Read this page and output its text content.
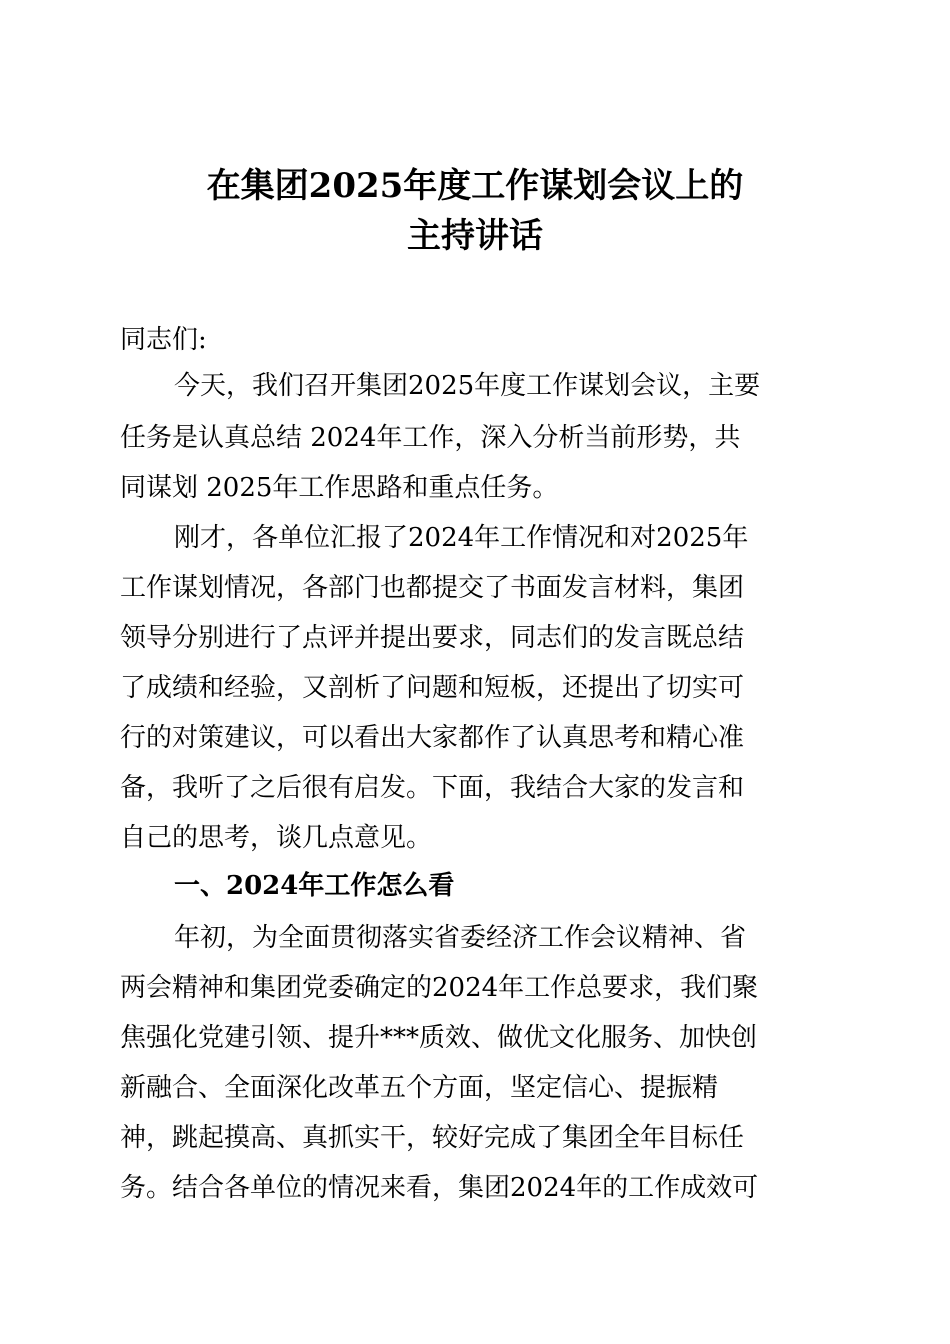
在集团2025年度工作谋划会议上的
主持讲话

同志们:

今天，我们召开集团2025年度工作谋划会议，主要

任务是认真总结 2024年工作，深入分析当前形势，共

同谋划 2025年工作思路和重点任务。

刚才，各单位汇报了2024年工作情况和对2025年

工作谋划情况，各部门也都提交了书面发言材料，集团

领导分别进行了点评并提出要求，同志们的发言既总结

了成绩和经验，又剖析了问题和短板，还提出了切实可

行的对策建议，可以看出大家都作了认真思考和精心准

备，我听了之后很有启发。下面，我结合大家的发言和

自己的思考，谈几点意见。

一、2024年工作怎么看

年初，为全面贯彻落实省委经济工作会议精神、省

两会精神和集团党委确定的2024年工作总要求，我们聚

焦强化党建引领、提升***质效、做优文化服务、加快创

新融合、全面深化改革五个方面，坚定信心、提振精

神，跳起摸高、真抓实干，较好完成了集团全年目标任

务。结合各单位的情况来看，集团2024年的工作成效可
